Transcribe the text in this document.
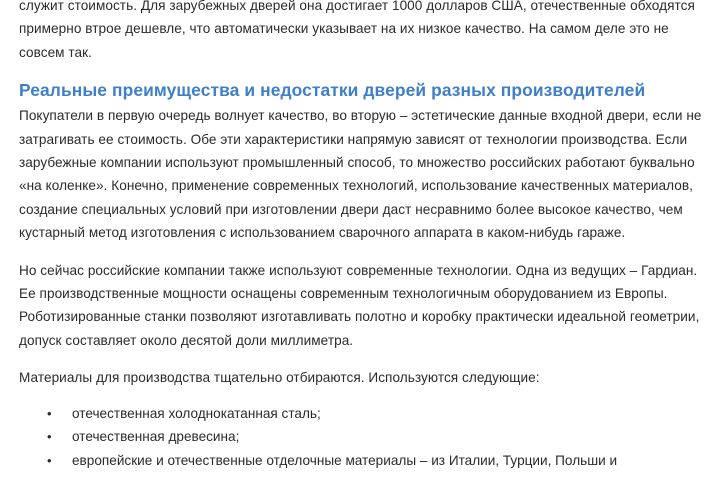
служит стоимость. Для зарубежных дверей она достигает 1000 долларов США, отечественные обходятся примерно втрое дешевле, что автоматически указывает на их низкое качество. На самом деле это не совсем так.

Реальные преимущества и недостатки дверей разных производителей

Покупатели в первую очередь волнует качество, во вторую – эстетические данные входной двери, если не затрагивать ее стоимость. Обе эти характеристики напрямую зависят от технологии производства. Если зарубежные компании используют промышленный способ, то множество российских работают буквально «на коленке». Конечно, применение современных технологий, использование качественных материалов, создание специальных условий при изготовлении двери даст несравнимо более высокое качество, чем кустарный метод изготовления с использованием сварочного аппарата в каком-нибудь гараже.

Но сейчас российские компании также используют современные технологии. Одна из ведущих – Гардиан. Ее производственные мощности оснащены современным технологичным оборудованием из Европы. Роботизированные станки позволяют изготавливать полотно и коробку практически идеальной геометрии, допуск составляет около десятой доли миллиметра.

Материалы для производства тщательно отбираются. Используются следующие:

• отечественная холоднокатанная сталь;
• отечественная древесина;
• европейские и отечественные отделочные материалы – из Италии, Турции, Польши и
